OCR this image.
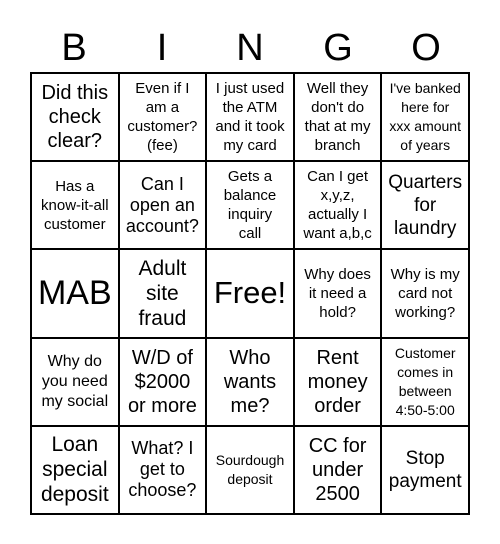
B	I	N	G	O
Did this
check
clear?
Even if I
am a
customer?
(fee)
I just used
the ATM
and it took
my card
Well they
don't do
that at my
branch
I've banked
here for
xxx amount
of years
Has a
know-it-all
customer
Can I
open an
account?
Gets a
balance
inquiry
call
Can I get
x,y,z,
actually I
want a,b,c
Quarters
for
laundry
MAB
Adult
site
fraud
Free!
Why does
it need a
hold?
Why is my
card not
working?
Why do
you need
my social
W/D of
$2000
or more
Who
wants
me?
Rent
money
order
Customer
comes in
between
4:50-5:00
Loan
special
deposit
What? I
get to
choose?
Sourdough
deposit
CC for
under
2500
Stop
payment
